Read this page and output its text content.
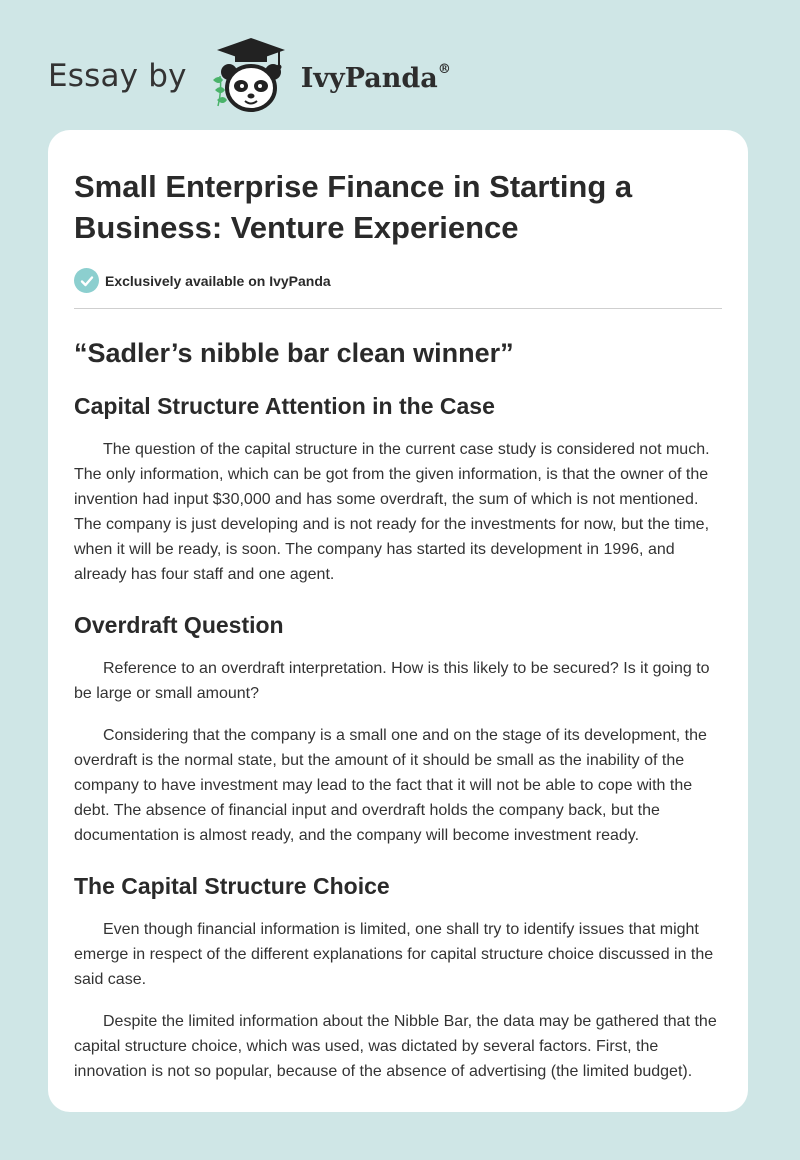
Essay by	IvyPanda®
Small Enterprise Finance in Starting a Business: Venture Experience
Exclusively available on IvyPanda
“Sadler’s nibble bar clean winner”
Capital Structure Attention in the Case

The question of the capital structure in the current case study is considered not much. The only information, which can be got from the given information, is that the owner of the invention had input $30,000 and has some overdraft, the sum of which is not mentioned. The company is just developing and is not ready for the investments for now, but the time, when it will be ready, is soon. The company has started its development in 1996, and already has four staff and one agent.

Overdraft Question

Reference to an overdraft interpretation. How is this likely to be secured? Is it going to be large or small amount?

Considering that the company is a small one and on the stage of its development, the overdraft is the normal state, but the amount of it should be small as the inability of the company to have investment may lead to the fact that it will not be able to cope with the debt. The absence of financial input and overdraft holds the company back, but the documentation is almost ready, and the company will become investment ready.

The Capital Structure Choice

Even though financial information is limited, one shall try to identify issues that might emerge in respect of the different explanations for capital structure choice discussed in the said case.

Despite the limited information about the Nibble Bar, the data may be gathered that the capital structure choice, which was used, was dictated by several factors. First, the innovation is not so popular, because of the absence of advertising (the limited budget).
